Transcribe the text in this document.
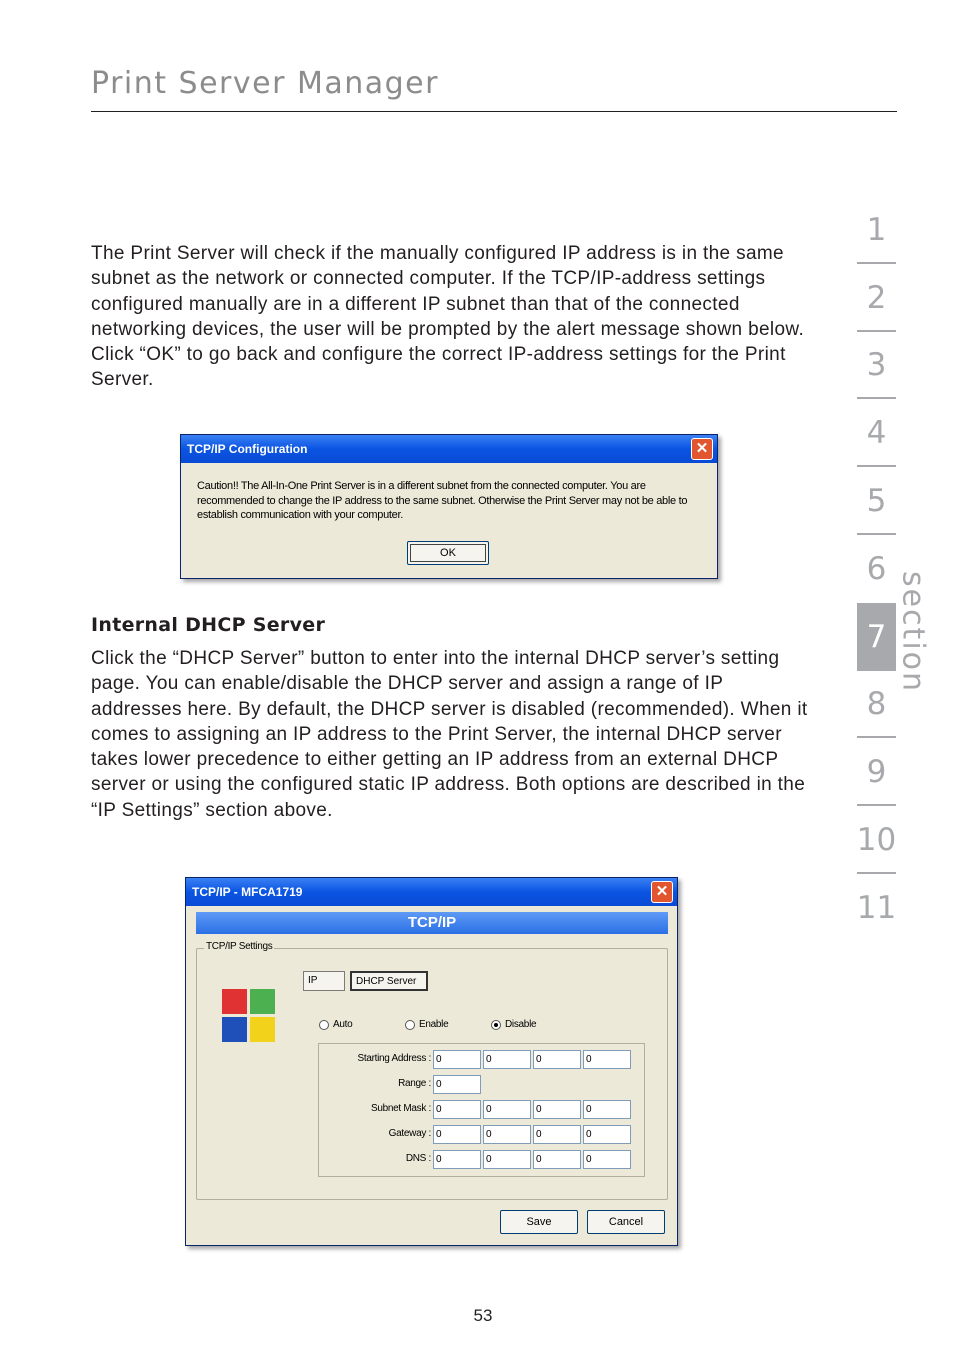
Print Server Manager

The Print Server will check if the manually configured IP address is in the same subnet as the network or connected computer. If the TCP/IP-address settings configured manually are in a different IP subnet than that of the connected networking devices, the user will be prompted by the alert message shown below. Click “OK” to go back and configure the correct IP-address settings for the Print Server.

TCP/IP Configuration	✕
Caution!! The All-In-One Print Server is in a different subnet from the connected computer. You are recommended to change the IP address to the same subnet. Otherwise the Print Server may not be able to establish communication with your computer.
OK
Internal DHCP Server

Click the “DHCP Server” button to enter into the internal DHCP server’s setting page. You can enable/disable the DHCP server and assign a range of IP addresses here. By default, the DHCP server is disabled (recommended). When it comes to assigning an IP address to the Print Server, the internal DHCP server takes lower precedence to either getting an IP address from an external DHCP server or using the configured static IP address. Both options are described in the “IP Settings” section above.

TCP/IP - MFCA1719	✕
TCP/IP
TCP/IP Settings
IP	DHCP Server
Auto	Enable	Disable
Starting Address : 0	0	0	0
Range : 0
Subnet Mask : 0	0	0	0
Gateway : 0	0	0	0
DNS : 0	0	0	0
Save	Cancel
1
2
3
4
5
6
7
8
9
10
11
section
53
